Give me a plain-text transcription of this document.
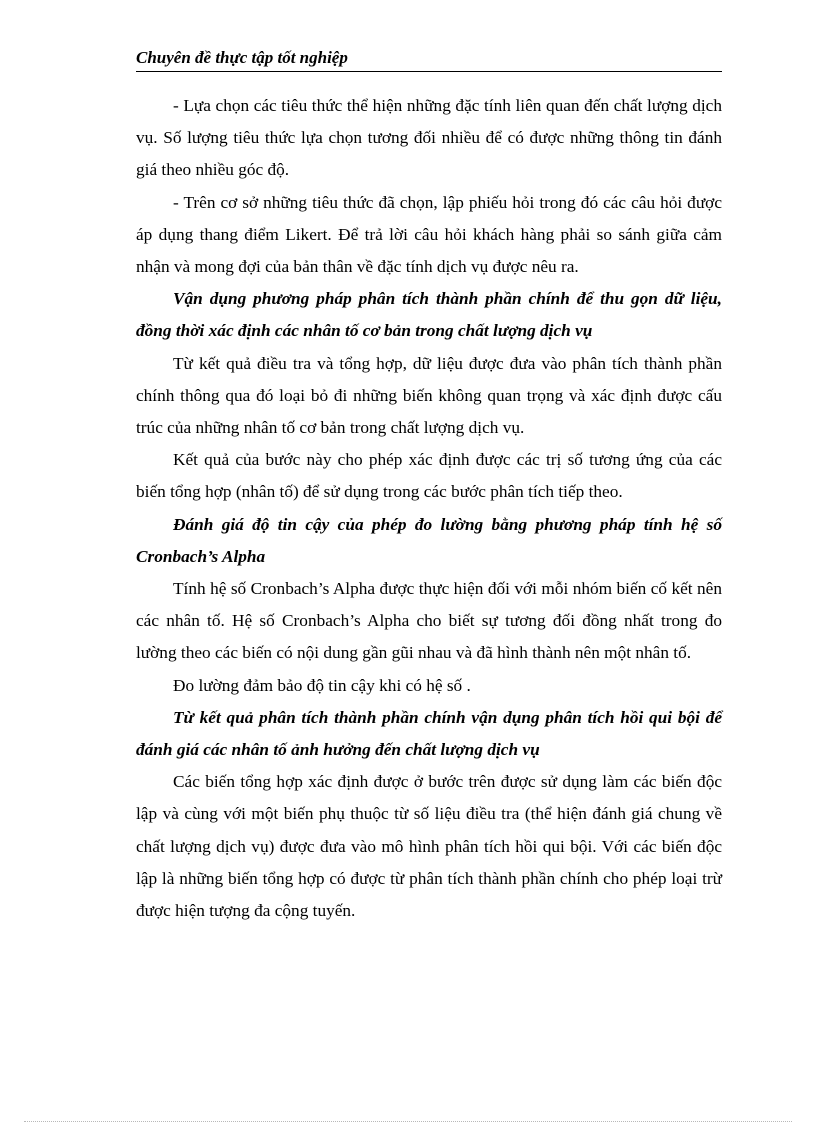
Chuyên đề thực tập tốt nghiệp

- Lựa chọn các tiêu thức thể hiện những đặc tính liên quan đến chất lượng dịch vụ. Số lượng tiêu thức lựa chọn tương đối nhiều để có được những thông tin đánh giá theo nhiều góc độ.

- Trên cơ sở những tiêu thức đã chọn, lập phiếu hỏi trong đó các câu hỏi được áp dụng thang điểm Likert. Để trả lời câu hỏi khách hàng phải so sánh giữa cảm nhận và mong đợi của bản thân về đặc tính dịch vụ được nêu ra.

Vận dụng phương pháp phân tích thành phần chính để thu gọn dữ liệu, đồng thời xác định các nhân tố cơ bản trong chất lượng dịch vụ

Từ kết quả điều tra và tổng hợp, dữ liệu được đưa vào phân tích thành phần chính thông qua đó loại bỏ đi những biến không quan trọng và xác định được cấu trúc của những nhân tố cơ bản trong chất lượng dịch vụ.

Kết quả của bước này cho phép xác định được các trị số tương ứng của các biến tổng hợp (nhân tố) để sử dụng trong các bước phân tích tiếp theo.

Đánh giá độ tin cậy của phép đo lường bằng phương pháp tính hệ số Cronbach’s Alpha

Tính hệ số Cronbach’s Alpha được thực hiện đối với mỗi nhóm biến cố kết nên các nhân tố. Hệ số Cronbach’s Alpha cho biết sự tương đối đồng nhất trong đo lường theo các biến có nội dung gần gũi nhau và đã hình thành nên một nhân tố.

Đo lường đảm bảo độ tin cậy khi có hệ số .

Từ kết quả phân tích thành phần chính vận dụng phân tích hồi qui bội để đánh giá các nhân tố ảnh hưởng đến chất lượng dịch vụ

Các biến tổng hợp xác định được ở bước trên được sử dụng làm các biến độc lập và cùng với một biến phụ thuộc từ số liệu điều tra (thể hiện đánh giá chung về chất lượng dịch vụ) được đưa vào mô hình phân tích hồi qui bội. Với các biến độc lập là những biến tổng hợp có được từ phân tích thành phần chính cho phép loại trừ được hiện tượng đa cộng tuyến.
